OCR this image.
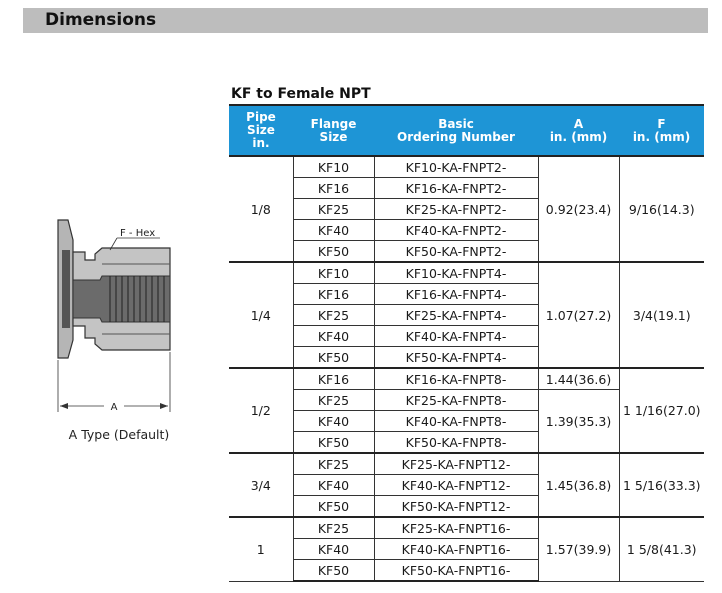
Dimensions
F - Hex
A
A Type (Default)
KF to Female NPT
Pipe
Size
in.	Flange
Size	Basic
Ordering Number	A
in. (mm)	F
in. (mm)
1/8	KF10	KF10-KA-FNPT2-	0.92(23.4)	9/16(14.3)
	KF16	KF16-KA-FNPT2-		
	KF25	KF25-KA-FNPT2-		
	KF40	KF40-KA-FNPT2-		
	KF50	KF50-KA-FNPT2-		
1/4	KF10	KF10-KA-FNPT4-	1.07(27.2)	3/4(19.1)
	KF16	KF16-KA-FNPT4-		
	KF25	KF25-KA-FNPT4-		
	KF40	KF40-KA-FNPT4-		
	KF50	KF50-KA-FNPT4-		
1/2	KF16	KF16-KA-FNPT8-	1.44(36.6)	1 1/16(27.0)
	KF25	KF25-KA-FNPT8-	1.39(35.3)	
	KF40	KF40-KA-FNPT8-		
	KF50	KF50-KA-FNPT8-		
3/4	KF25	KF25-KA-FNPT12-	1.45(36.8)	1 5/16(33.3)
	KF40	KF40-KA-FNPT12-		
	KF50	KF50-KA-FNPT12-		
1	KF25	KF25-KA-FNPT16-	1.57(39.9)	1 5/8(41.3)
	KF40	KF40-KA-FNPT16-		
	KF50	KF50-KA-FNPT16-		
